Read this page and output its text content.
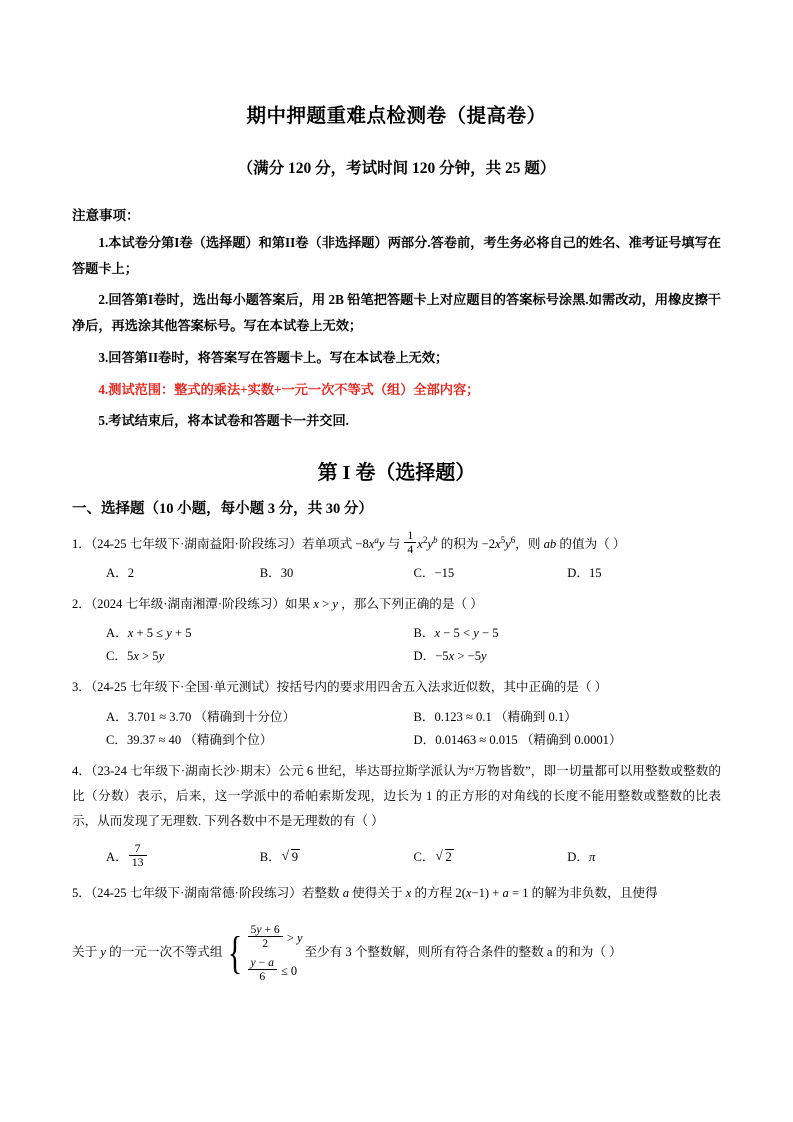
期中押题重难点检测卷（提高卷）
（满分 120 分，考试时间 120 分钟，共 25 题）
注意事项：
1.本试卷分第I卷（选择题）和第II卷（非选择题）两部分.答卷前，考生务必将自己的姓名、准考证号填写在答题卡上；
2.回答第I卷时，选出每小题答案后，用 2B 铅笔把答题卡上对应题目的答案标号涂黑.如需改动，用橡皮擦干净后，再选涂其他答案标号。写在本试卷上无效；
3.回答第II卷时，将答案写在答题卡上。写在本试卷上无效；
4.测试范围：整式的乘法+实数+一元一次不等式（组）全部内容；
5.考试结束后，将本试卷和答题卡一并交回.
第 I 卷（选择题）
一、选择题（10 小题，每小题 3 分，共 30 分）
1．（24-25 七年级下·湖南益阳·阶段练习）若单项式 $-8x^ay$ 与 $\frac{1}{4} x^2y^b$ 的积为 $-2x^5y^6$，则 ab 的值为（ ）
A．2	B．30	C．−15	D．15
2．（2024 七年级·湖南湘潭·阶段练习）如果 x > y ，那么下列正确的是（ ）
A．x + 5 ≤ y + 5	B．x − 5 < y − 5
C．5x > 5y	D．−5x > −5y
3．（24-25 七年级下·全国·单元测试）按括号内的要求用四舍五入法求近似数，其中正确的是（ ）
A．3.701 ≈ 3.70 （精确到十分位）	B．0.123 ≈ 0.1 （精确到 0.1）
C．39.37 ≈ 40 （精确到个位）	D．0.01463 ≈ 0.015 （精确到 0.0001）
4．（23-24 七年级下·湖南长沙·期末）公元 6 世纪，毕达哥拉斯学派认为“万物皆数”，即一切量都可以用整数或整数的比（分数）表示，后来，这一学派中的希帕索斯发现，边长为 1 的正方形的对角线的长度不能用整数或整数的比表示，从而发现了无理数. 下列各数中不是无理数的有（ ）
A． $\frac{7}{13}$	B． √ 9	C． √ 2	D．π
5．（24-25 七年级下·湖南常德·阶段练习）若整数 a 使得关于 x 的方程 2(x−1) + a = 1 的解为非负数，且使得
关于 y 的一元一次不等式组 { $\frac{5y + 6}{2} > y$
$\frac{y - a}{6} \le 0$
至少有 3 个整数解，则所有符合条件的整数 a 的和为（ ）
